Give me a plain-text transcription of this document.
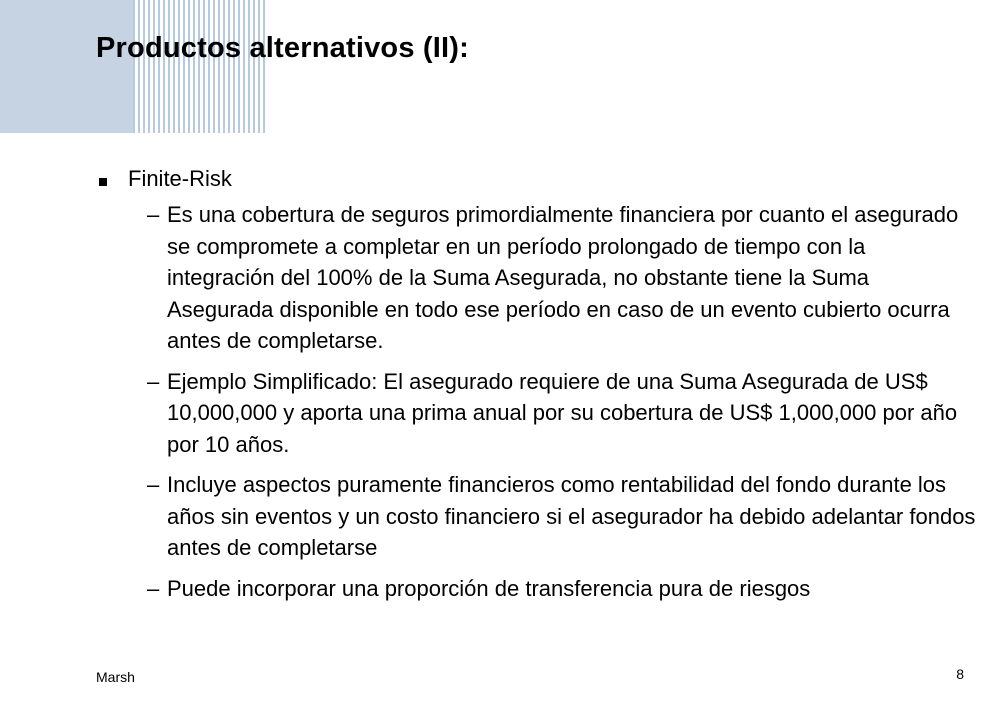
Productos alternativos (II):
Finite-Risk
– Es una cobertura de seguros primordialmente financiera por cuanto el asegurado se compromete a completar en un período prolongado de tiempo con la integración del 100% de la Suma Asegurada, no obstante tiene la Suma Asegurada disponible en todo ese período en caso de un evento cubierto ocurra antes de completarse.
– Ejemplo Simplificado: El asegurado requiere de una Suma Asegurada de US$ 10,000,000 y aporta una prima anual por su cobertura de US$ 1,000,000 por año por 10 años.
– Incluye aspectos puramente financieros como rentabilidad del fondo durante los años sin eventos y un costo financiero si el asegurador ha debido adelantar fondos antes de completarse
– Puede incorporar una proporción de transferencia pura de riesgos
Marsh	8
